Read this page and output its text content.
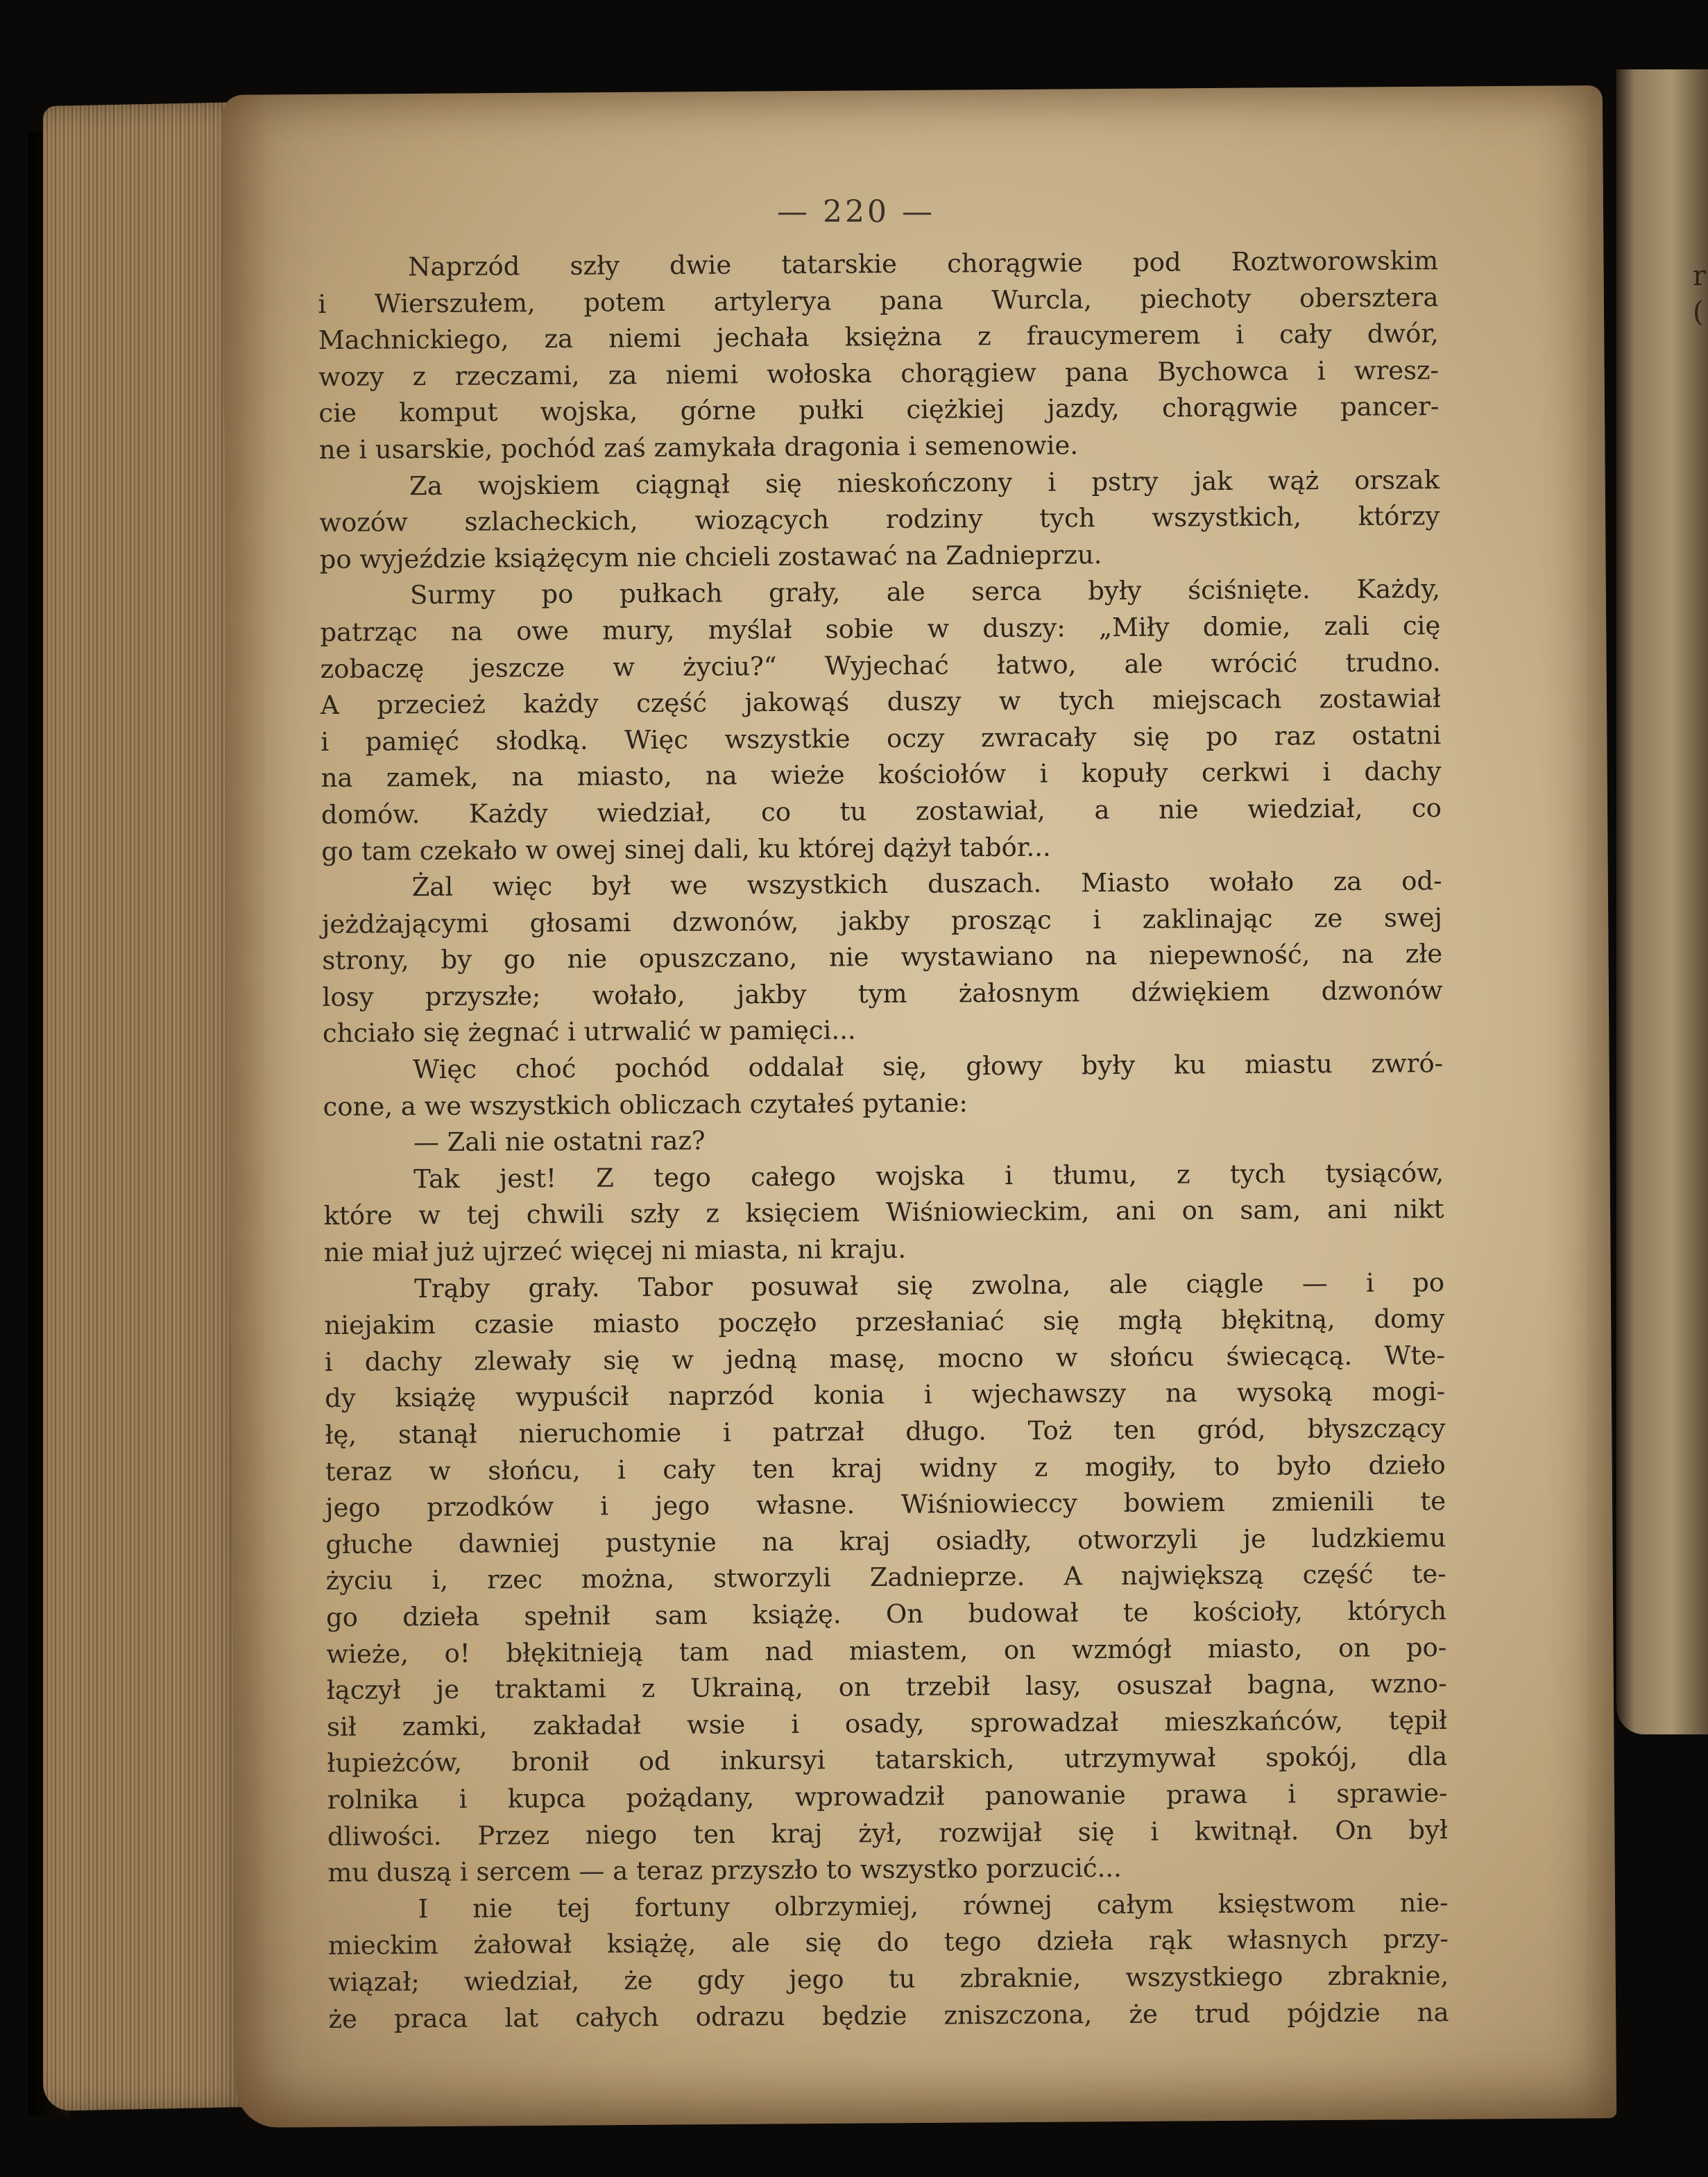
r
(
— 220 —
Naprzód szły dwie tatarskie chorągwie pod Roztworowskim
i Wierszułem, potem artylerya pana Wurcla, piechoty obersztera
Machnickiego, za niemi jechała księżna z fraucymerem i cały dwór,
wozy z rzeczami, za niemi wołoska chorągiew pana Bychowca i wresz-
cie komput wojska, górne pułki ciężkiej jazdy, chorągwie pancer-
ne i usarskie, pochód zaś zamykała dragonia i semenowie.
Za wojskiem ciągnął się nieskończony i pstry jak wąż orszak
wozów szlacheckich, wiozących rodziny tych wszystkich, którzy
po wyjeździe książęcym nie chcieli zostawać na Zadnieprzu.
Surmy po pułkach grały, ale serca były ściśnięte. Każdy,
patrząc na owe mury, myślał sobie w duszy: „Miły domie, zali cię
zobaczę jeszcze w życiu?“ Wyjechać łatwo, ale wrócić trudno.
A przecież każdy część jakowąś duszy w tych miejscach zostawiał
i pamięć słodką. Więc wszystkie oczy zwracały się po raz ostatni
na zamek, na miasto, na wieże kościołów i kopuły cerkwi i dachy
domów. Każdy wiedział, co tu zostawiał, a nie wiedział, co
go tam czekało w owej sinej dali, ku której dążył tabór...
Żal więc był we wszystkich duszach. Miasto wołało za od-
jeżdżającymi głosami dzwonów, jakby prosząc i zaklinając ze swej
strony, by go nie opuszczano, nie wystawiano na niepewność, na złe
losy przyszłe; wołało, jakby tym żałosnym dźwiękiem dzwonów
chciało się żegnać i utrwalić w pamięci...
Więc choć pochód oddalał się, głowy były ku miastu zwró-
cone, a we wszystkich obliczach czytałeś pytanie:
— Zali nie ostatni raz?
Tak jest! Z tego całego wojska i tłumu, z tych tysiąców,
które w tej chwili szły z księciem Wiśniowieckim, ani on sam, ani nikt
nie miał już ujrzeć więcej ni miasta, ni kraju.
Trąby grały. Tabor posuwał się zwolna, ale ciągle — i po
niejakim czasie miasto poczęło przesłaniać się mgłą błękitną, domy
i dachy zlewały się w jedną masę, mocno w słońcu świecącą. Wte-
dy książę wypuścił naprzód konia i wjechawszy na wysoką mogi-
łę, stanął nieruchomie i patrzał długo. Toż ten gród, błyszczący
teraz w słońcu, i cały ten kraj widny z mogiły, to było dzieło
jego przodków i jego własne. Wiśniowieccy bowiem zmienili te
głuche dawniej pustynie na kraj osiadły, otworzyli je ludzkiemu
życiu i, rzec można, stworzyli Zadnieprze. A największą część te-
go dzieła spełnił sam książę. On budował te kościoły, których
wieże, o! błękitnieją tam nad miastem, on wzmógł miasto, on po-
łączył je traktami z Ukrainą, on trzebił lasy, osuszał bagna, wzno-
sił zamki, zakładał wsie i osady, sprowadzał mieszkańców, tępił
łupieżców, bronił od inkursyi tatarskich, utrzymywał spokój, dla
rolnika i kupca pożądany, wprowadził panowanie prawa i sprawie-
dliwości. Przez niego ten kraj żył, rozwijał się i kwitnął. On był
mu duszą i sercem — a teraz przyszło to wszystko porzucić...
I nie tej fortuny olbrzymiej, równej całym księstwom nie-
mieckim żałował książę, ale się do tego dzieła rąk własnych przy-
wiązał; wiedział, że gdy jego tu zbraknie, wszystkiego zbraknie,
że praca lat całych odrazu będzie zniszczona, że trud pójdzie na
